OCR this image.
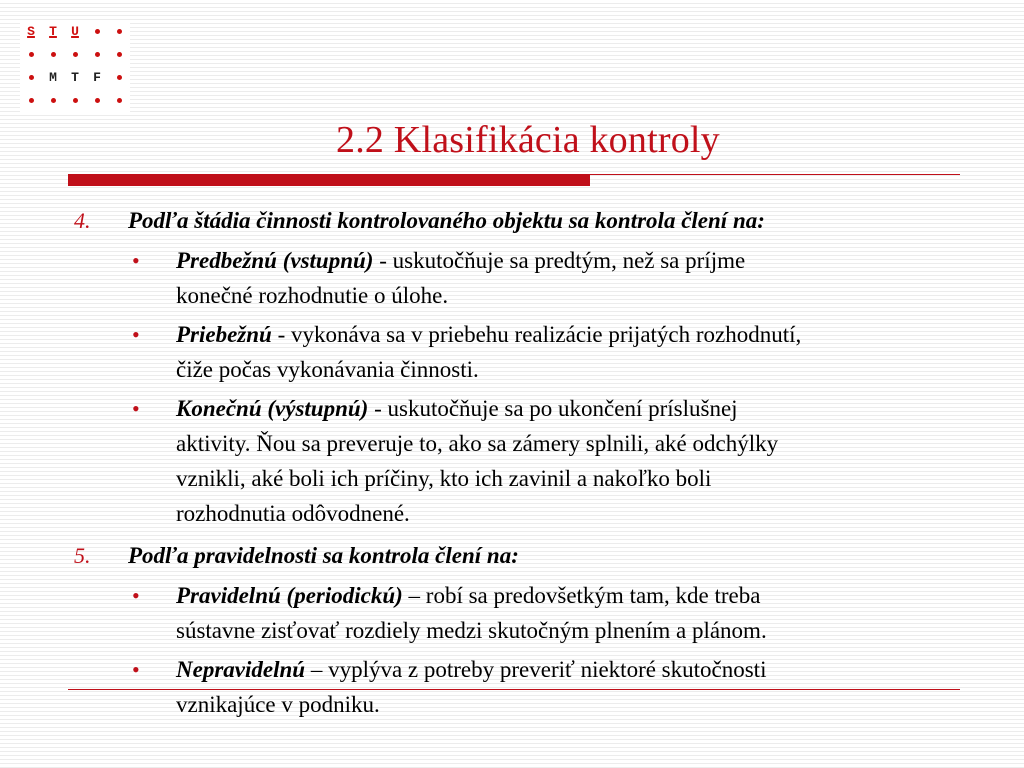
S T U
M T F
2.2 Klasifikácia kontroly
4. Podľa štádia činnosti kontrolovaného objektu sa kontrola člení na:
• Predbežnú (vstupnú) - uskutočňuje sa predtým, než sa príjme
konečné rozhodnutie o úlohe.
• Priebežnú - vykonáva sa v priebehu realizácie prijatých rozhodnutí,
čiže počas vykonávania činnosti.
• Konečnú (výstupnú) - uskutočňuje sa po ukončení príslušnej
aktivity. Ňou sa preveruje to, ako sa zámery splnili, aké odchýlky
vznikli, aké boli ich príčiny, kto ich zavinil a nakoľko boli
rozhodnutia odôvodnené.
5. Podľa pravidelnosti sa kontrola člení na:
• Pravidelnú (periodickú) – robí sa predovšetkým tam, kde treba
sústavne zisťovať rozdiely medzi skutočným plnením a plánom.
• Nepravidelnú – vyplýva z potreby preveriť niektoré skutočnosti
vznikajúce v podniku.
